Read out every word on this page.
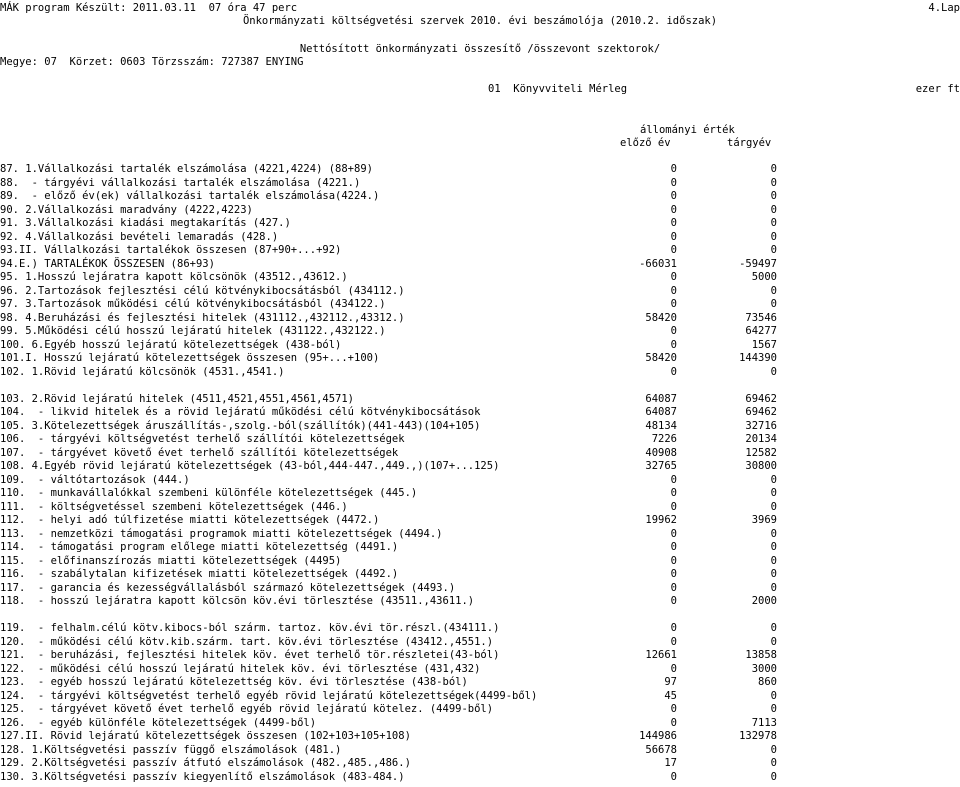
MÁK program Készült: 2011.03.11  07 óra 47 perc	4.Lap
Önkormányzati költségvetési szervek 2010. évi beszámolója (2010.2. időszak)
Nettósított önkormányzati összesítő /összevont szektorok/
Megye: 07  Körzet: 0603 Törzsszám: 727387 ENYING
01  Könyvviteli Mérleg	ezer ft
állományi érték
előző év	tárgyév
87. 1.Vállalkozási tartalék elszámolása (4221,4224) (88+89)	0	0
88.  - tárgyévi vállalkozási tartalék elszámolása (4221.)	0	0
89.  - előző év(ek) vállalkozási tartalék elszámolása(4224.)	0	0
90. 2.Vállalkozási maradvány (4222,4223)	0	0
91. 3.Vállalkozási kiadási megtakarítás (427.)	0	0
92. 4.Vállalkozási bevételi lemaradás (428.)	0	0
93.II. Vállalkozási tartalékok összesen (87+90+...+92)	0	0
94.E.) TARTALÉKOK ÖSSZESEN (86+93)	-66031	-59497
95. 1.Hosszú lejáratra kapott kölcsönök (43512.,43612.)	0	5000
96. 2.Tartozások fejlesztési célú kötvénykibocsátásból (434112.)	0	0
97. 3.Tartozások működési célú kötvénykibocsátásból (434122.)	0	0
98. 4.Beruházási és fejlesztési hitelek (431112.,432112.,43312.)	58420	73546
99. 5.Működési célú hosszú lejáratú hitelek (431122.,432122.)	0	64277
100. 6.Egyéb hosszú lejáratú kötelezettségek (438-ból)	0	1567
101.I. Hosszú lejáratú kötelezettségek összesen (95+...+100)	58420	144390
102. 1.Rövid lejáratú kölcsönök (4531.,4541.)	0	0
103. 2.Rövid lejáratú hitelek (4511,4521,4551,4561,4571)	64087	69462
104.  - likvid hitelek és a rövid lejáratú működési célú kötvénykibocsátások	64087	69462
105. 3.Kötelezettségek áruszállítás-,szolg.-ból(szállítók)(441-443)(104+105)	48134	32716
106.  - tárgyévi költségvetést terhelő szállítói kötelezettségek	7226	20134
107.  - tárgyévet követő évet terhelő szállítói kötelezettségek	40908	12582
108. 4.Egyéb rövid lejáratú kötelezettségek (43-ból,444-447.,449.,)(107+...125)	32765	30800
109.  - váltótartozások (444.)	0	0
110.  - munkavállalókkal szembeni különféle kötelezettségek (445.)	0	0
111.  - költségvetéssel szembeni kötelezettségek (446.)	0	0
112.  - helyi adó túlfizetése miatti kötelezettségek (4472.)	19962	3969
113.  - nemzetközi támogatási programok miatti kötelezettségek (4494.)	0	0
114.  - támogatási program előlege miatti kötelezettség (4491.)	0	0
115.  - előfinanszírozás miatti kötelezettségek (4495)	0	0
116.  - szabálytalan kifizetések miatti kötelezettségek (4492.)	0	0
117.  - garancia és kezességvállalásból származó kötelezettségek (4493.)	0	0
118.  - hosszú lejáratra kapott kölcsön köv.évi törlesztése (43511.,43611.)	0	2000
119.  - felhalm.célú kötv.kibocs-ból szárm. tartoz. köv.évi tör.részl.(434111.)	0	0
120.  - működési célú kötv.kib.szárm. tart. köv.évi törlesztése (43412.,4551.)	0	0
121.  - beruházási, fejlesztési hitelek köv. évet terhelő tör.részletei(43-ból)	12661	13858
122.  - működési célú hosszú lejáratú hitelek köv. évi törlesztése (431,432)	0	3000
123.  - egyéb hosszú lejáratú kötelezettség köv. évi törlesztése (438-ból)	97	860
124.  - tárgyévi költségvetést terhelő egyéb rövid lejáratú kötelezettségek(4499-ből)	45	0
125.  - tárgyévet követő évet terhelő egyéb rövid lejáratú kötelez. (4499-ből)	0	0
126.  - egyéb különféle kötelezettségek (4499-ből)	0	7113
127.II. Rövid lejáratú kötelezettségek összesen (102+103+105+108)	144986	132978
128. 1.Költségvetési passzív függő elszámolások (481.)	56678	0
129. 2.Költségvetési passzív átfutó elszámolások (482.,485.,486.)	17	0
130. 3.Költségvetési passzív kiegyenlítő elszámolások (483-484.)	0	0
